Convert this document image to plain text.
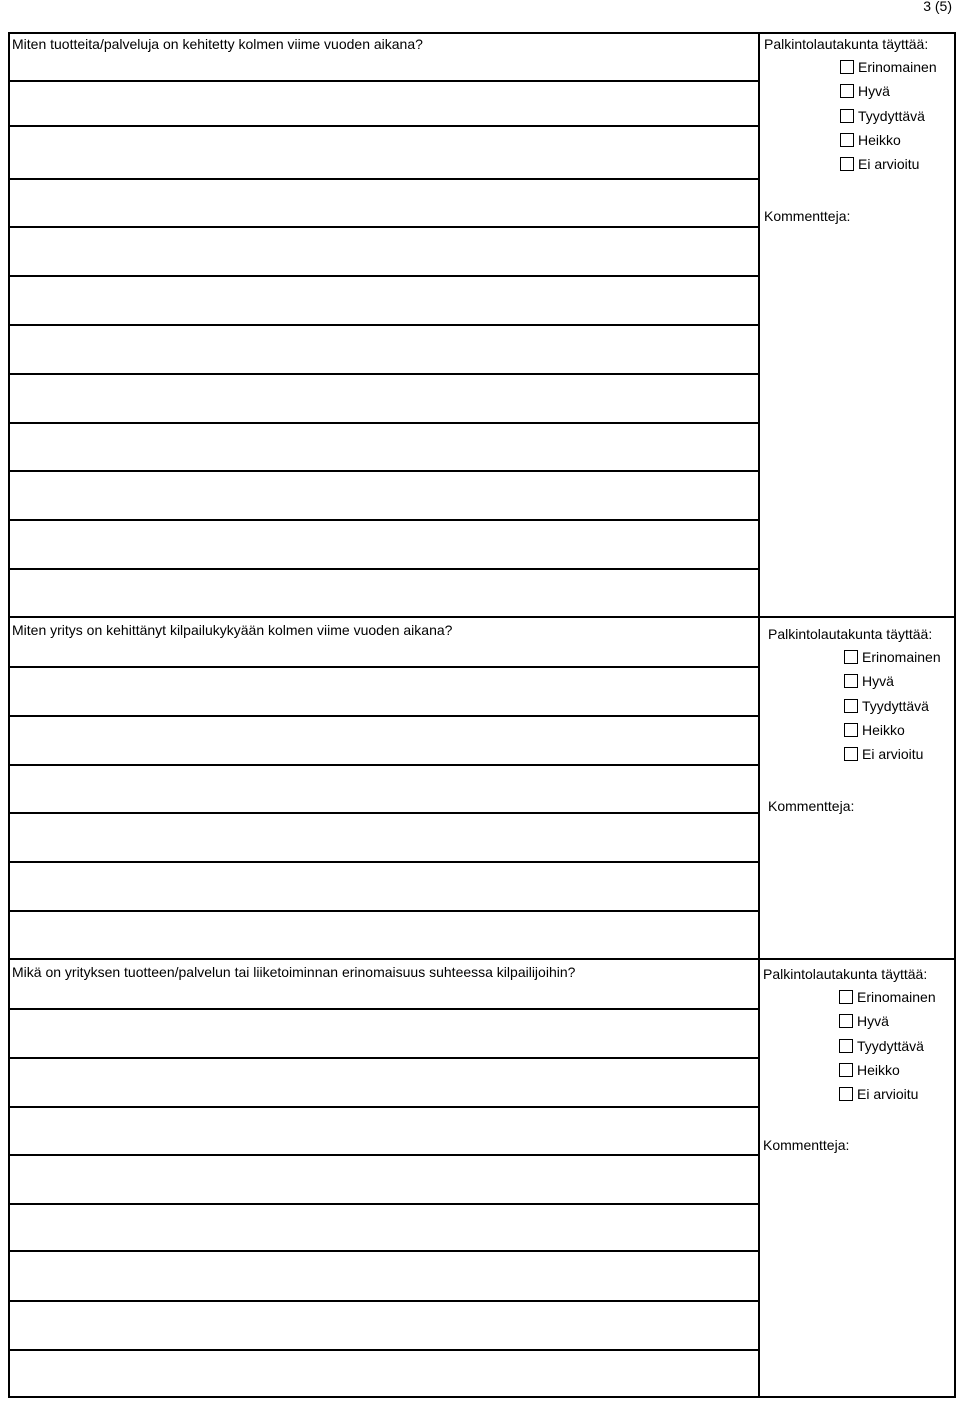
3 (5)
Miten tuotteita/palveluja on kehitetty kolmen viime vuoden aikana?	Palkintolautakunta täyttää:
Erinomainen
Hyvä
Tyydyttävä
Heikko
Ei arvioitu
Kommentteja:
Miten yritys on kehittänyt kilpailukykyään kolmen viime vuoden aikana?	Palkintolautakunta täyttää:
Erinomainen
Hyvä
Tyydyttävä
Heikko
Ei arvioitu
Kommentteja:
Mikä on yrityksen tuotteen/palvelun tai liiketoiminnan erinomaisuus suhteessa kilpailijoihin?	Palkintolautakunta täyttää:
Erinomainen
Hyvä
Tyydyttävä
Heikko
Ei arvioitu
Kommentteja:
